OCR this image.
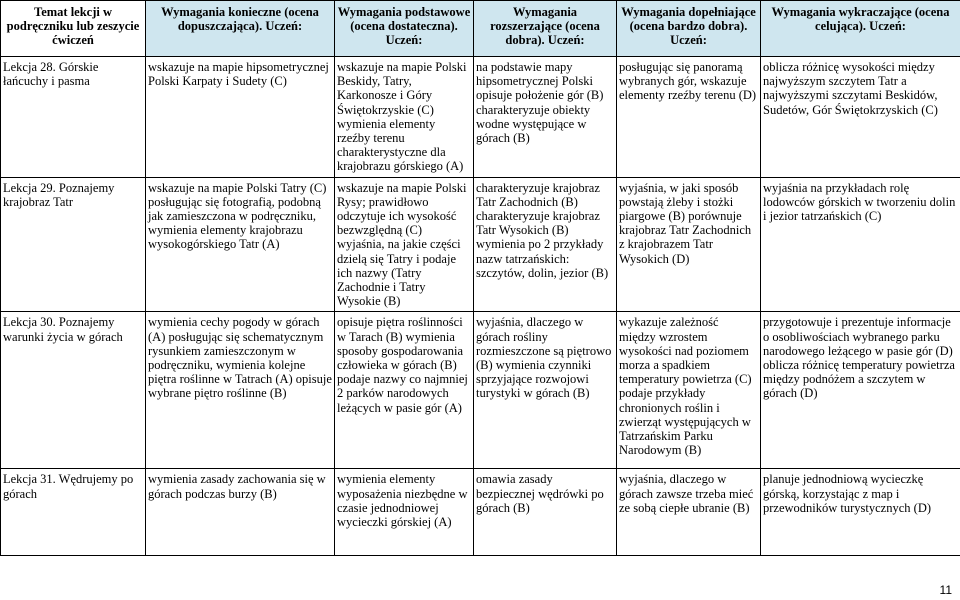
Temat lekcji w podręczniku lub zeszycie ćwiczeń	Wymagania konieczne (ocena dopuszczająca). Uczeń:	Wymagania podstawowe (ocena dostateczna). Uczeń:	Wymagania rozszerzające (ocena dobra). Uczeń:	Wymagania dopełniające (ocena bardzo dobra). Uczeń:	Wymagania wykraczające (ocena celująca). Uczeń:
Lekcja 28. Górskie łańcuchy i pasma	wskazuje na mapie hipsometrycznej Polski Karpaty i Sudety (C)	wskazuje na mapie Polski Beskidy, Tatry, Karkonosze i Góry Świętokrzyskie (C) wymienia elementy rzeźby terenu charakterystyczne dla krajobrazu górskiego (A)	na podstawie mapy hipsometrycznej Polski opisuje położenie gór (B) charakteryzuje obiekty wodne występujące w górach (B)	posługując się panoramą wybranych gór, wskazuje elementy rzeźby terenu (D)	oblicza różnicę wysokości między najwyższym szczytem Tatr a najwyższymi szczytami Beskidów, Sudetów, Gór Świętokrzyskich (C)
Lekcja 29. Poznajemy krajobraz Tatr	wskazuje na mapie Polski Tatry (C) posługując się fotografią, podobną jak zamieszczona w podręczniku, wymienia elementy krajobrazu wysokogórskiego Tatr (A)	wskazuje na mapie Polski Rysy; prawidłowo odczytuje ich wysokość bezwzględną (C) wyjaśnia, na jakie części dzielą się Tatry i podaje ich nazwy (Tatry Zachodnie i Tatry Wysokie (B)	charakteryzuje krajobraz Tatr Zachodnich (B) charakteryzuje krajobraz Tatr Wysokich (B) wymienia po 2 przykłady nazw tatrzańskich: szczytów, dolin, jezior (B)	wyjaśnia, w jaki sposób powstają żleby i stożki piargowe (B) porównuje krajobraz Tatr Zachodnich z krajobrazem Tatr Wysokich (D)	wyjaśnia na przykładach rolę lodowców górskich w tworzeniu dolin i jezior tatrzańskich (C)
Lekcja 30. Poznajemy warunki życia w górach	wymienia cechy pogody w górach (A) posługując się schematycznym rysunkiem zamieszczonym w podręczniku, wymienia kolejne piętra roślinne w Tatrach (A) opisuje wybrane piętro roślinne (B)	opisuje piętra roślinności w Tarach (B) wymienia sposoby gospodarowania człowieka w górach (B) podaje nazwy co najmniej 2 parków narodowych leżących w pasie gór (A)	wyjaśnia, dlaczego w górach rośliny rozmieszczone są piętrowo (B) wymienia czynniki sprzyjające rozwojowi turystyki w górach (B)	wykazuje zależność między wzrostem wysokości nad poziomem morza a spadkiem temperatury powietrza (C) podaje przykłady chronionych roślin i zwierząt występujących w Tatrzańskim Parku Narodowym (B)	przygotowuje i prezentuje informacje o osobliwościach wybranego parku narodowego leżącego w pasie gór (D) oblicza różnicę temperatury powietrza między podnóżem a szczytem w górach (D)
Lekcja 31. Wędrujemy po górach	wymienia zasady zachowania się w górach podczas burzy (B)	wymienia elementy wyposażenia niezbędne w czasie jednodniowej wycieczki górskiej (A)	omawia zasady bezpiecznej wędrówki po górach (B)	wyjaśnia, dlaczego w górach zawsze trzeba mieć ze sobą ciepłe ubranie (B)	planuje jednodniową wycieczkę górską, korzystając z map i przewodników turystycznych (D)
11
